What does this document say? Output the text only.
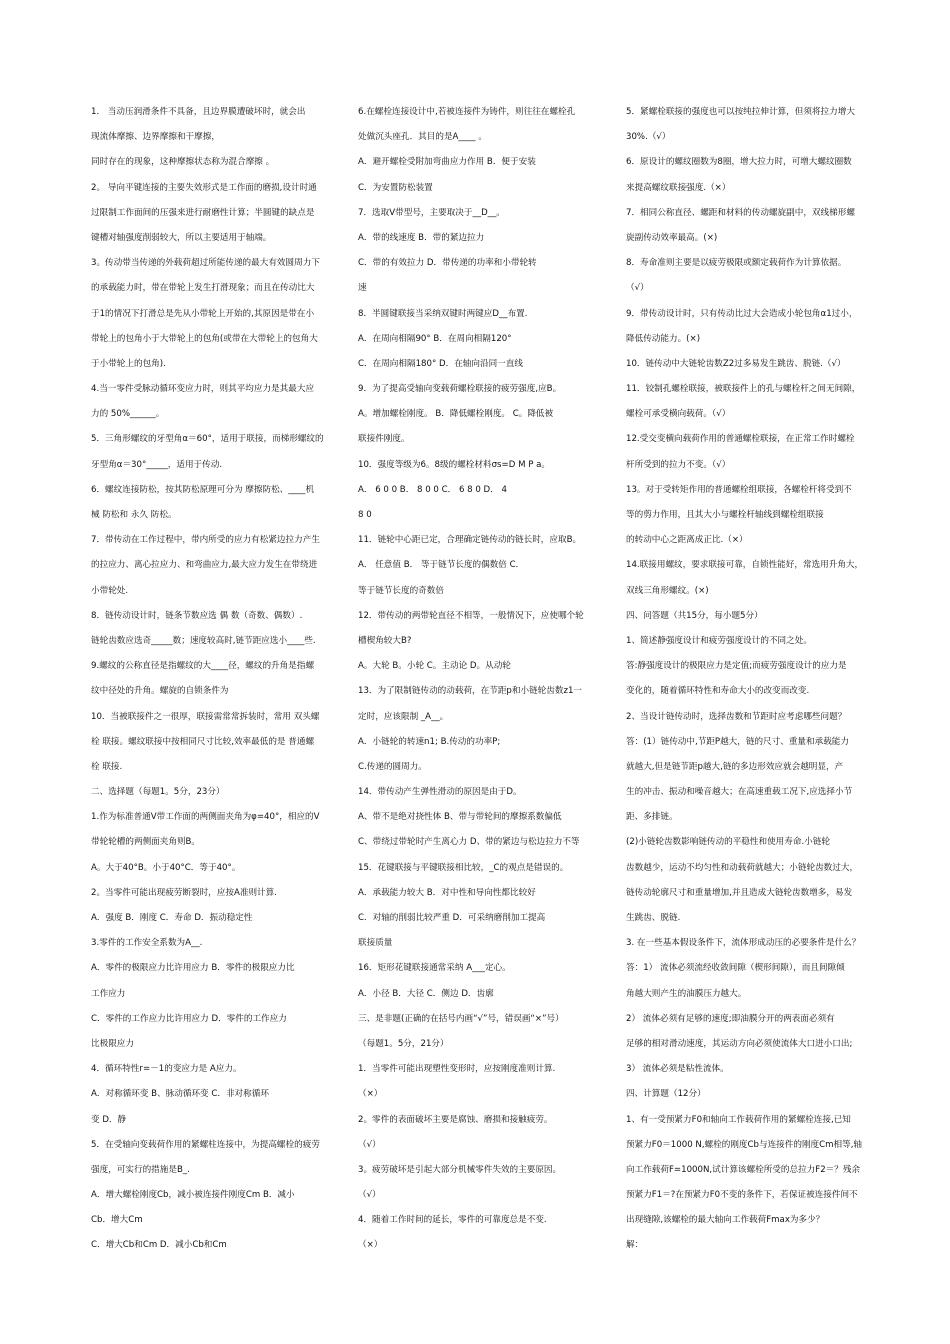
1． 当动压润滑条件不具备，且边界膜遭破坏时，就会出
现流体摩擦、边界摩擦和干摩擦，
同时存在的现象，这种摩擦状态称为混合摩擦 。
2。 导向平键连接的主要失效形式是工作面的磨损,设计时通
过限制工作面间的压强来进行耐磨性计算；半圆键的缺点是
键槽对轴强度削弱较大，所以主要适用于轴端。
3。传动带当传递的外载荷超过所能传递的最大有效圆周力下
的承载能力时，带在带轮上发生打滑现象；而且在传动比大
于1的情况下打滑总是先从小带轮上开始的,其原因是带在小
带轮上的包角小于大带轮上的包角(或带在大带轮上的包角大
于小带轮上的包角).
4.当一零件受脉动循环变应力时，则其平均应力是其最大应
力的 50%______。
5．三角形螺纹的牙型角α＝60°，适用于联接，而梯形螺纹的
牙型角α＝30°_____，适用于传动.
6．螺纹连接防松，按其防松原理可分为 摩擦防松、____机
械 防松和 永久 防松。
7．带传动在工作过程中，带内所受的应力有松紧边拉力产生
的拉应力、离心拉应力、和弯曲应力,最大应力发生在带绕进
小带轮处.
8．链传动设计时，链条节数应选 偶 数（奇数、偶数）.
链轮齿数应选奇_____数；速度较高时,链节距应选小____些.
9.螺纹的公称直径是指螺纹的大____径，螺纹的升角是指螺
纹中径处的升角。螺旋的自锁条件为
10．当被联接件之一很厚，联接需常常拆装时，常用 双头螺
栓 联接。螺纹联接中按相同尺寸比较,效率最低的是 普通螺
栓 联接.
二、选择题（每题1。5分，23分）
1.作为标准普通V带工作面的两侧面夹角为φ=40°，相应的V
带轮轮槽的两侧面夹角则B。
A。大于40°B。小于40°C．等于40°。
2。当零件可能出现疲劳断裂时，应按A准则计算.
A．强度 B．刚度 C．寿命 D．振动稳定性
3.零件的工作安全系数为A__.
A．零件的极限应力比许用应力 B．零件的极限应力比
工作应力
C．零件的工作应力比许用应力 D．零件的工作应力
比极限应力
4．循环特性r=－1的变应力是 A应力。
A．对称循环变 B、脉动循环变 C．非对称循环
变 D．静
5．在受轴向变载荷作用的紧螺柱连接中，为提高螺栓的疲劳
强度，可实行的措施是B_.
A．增大螺栓刚度Cb，减小被连接件刚度Cm B．减小
Cb．增大Cm
C．增大Cb和Cm D．减小Cb和Cm
6.在螺栓连接设计中,若被连接件为铸件，则往往在螺栓孔
处做沉头座孔．其目的是A____ 。
A．避开螺栓受附加弯曲应力作用 B．便于安装
C．为安置防松装置
7．选取V带型号，主要取决于__D__。
A．带的线速度 B．带的紧边拉力
C．带的有效拉力 D．带传递的功率和小带轮转
速
8．半圆键联接当采纳双键时两键应D__布置.
A．在周向相隔90° B．在周向相隔120°
C．在周向相隔180° D．在轴向沿同一直线
9．为了提高受轴向变载荷螺栓联接的疲劳强度,应B。
A。增加螺栓刚度。 B．降低螺栓刚度。 C。降低被
联接件刚度。
10．强度等级为6。8级的螺栓材料σs=D M P a。
A． 6 0 0 B． 8 0 0 C． 6 8 0 D． 4
8 0
11．链轮中心距已定，合理确定链传动的链长时，应取B。
A． 任意值 B． 等于链节长度的偶数倍 C．
等于链节长度的奇数倍
12．带传动的两带轮直径不相等，一般情况下，应使哪个轮
槽楔角较大B?
A。大轮 B。小轮 C。主动论 D。从动轮
13．为了限制链传动的动载荷，在节距p和小链轮齿数z1一
定时，应该限制 _A__。
A．小链轮的转速n1; B.传动的功率P;
C.传递的圆周力。
14．带传动产生弹性滑动的原因是由于D。
A、带不是绝对挠性体 B、带与带轮间的摩擦系数偏低
C、带绕过带轮时产生离心力 D、带的紧边与松边拉力不等
15．花键联接与平键联接相比较，_C的观点是错误的。
A．承载能力较大 B．对中性和导向性都比较好
C．对轴的削弱比较严重 D．可采纳磨削加工提高
联接质量
16．矩形花键联接通常采纳 A___定心。
A．小径 B．大径 C．侧边 D．齿廓
三、是非题(正确的在括号内画“√”号，错误画“×”号）
（每题1。5分，21分）
1．当零件可能出现塑性变形时，应按刚度准则计算.
（×）
2。零件的表面破坏主要是腐蚀、磨损和接触疲劳。
（√）
3。疲劳破坏是引起大部分机械零件失效的主要原因。
（√）
4．随着工作时间的延长，零件的可靠度总是不变.
（×）
5．紧螺栓联接的强度也可以按纯拉伸计算，但须将拉力增大
30%.（√）
6．原设计的螺纹圈数为8圈，增大拉力时，可增大螺纹圈数
来提高螺纹联接强度.（×）
7．相同公称直径、螺距和材料的传动螺旋副中，双线梯形螺
旋副传动效率最高。(×)
8．寿命准则主要是以疲劳极限或额定载荷作为计算依据。
（√）
9．带传动设计时，只有传动比过大会造成小轮包角α1过小，
降低传动能力。(×)
10．链传动中大链轮齿数Z2过多易发生跳齿、脱链.（√）
11．铰制孔螺栓联接，被联接件上的孔与螺栓杆之间无间隙，
螺栓可承受横向载荷。（√）
12.受交变横向载荷作用的普通螺栓联接，在正常工作时螺栓
杆所受到的拉力不变。（√）
13。对于受转矩作用的普通螺栓组联接，各螺栓杆将受到不
等的剪力作用，且其大小与螺栓杆轴线到螺栓组联接
的转动中心之距离成正比.（×）
14.联接用螺纹，要求联接可靠，自锁性能好，常选用升角大，
双线三角形螺纹。(×)
四、问答题（共15分，每小题5分）
1、简述静强度设计和疲劳强度设计的不同之处。
答:静强度设计的极限应力是定值;而疲劳强度设计的应力是
变化的，随着循环特性和寿命大小的改变而改变.
2、当设计链传动时，选择齿数和节距时应考虑哪些问题？
答：(1）链传动中,节距P越大，链的尺寸、重量和承载能力
就越大,但是链节距p越大,链的多边形效应就会越明显，产
生的冲击、振动和噪音越大；在高速重载工况下,应选择小节
距、多排链。
(2)小链轮齿数影响链传动的平稳性和使用寿命.小链轮
齿数越少，运动不均匀性和动载荷就越大；小链轮齿数过大，
链传动轮廓尺寸和重量增加,并且造成大链轮齿数增多，易发
生跳齿、脱链.
3. 在一些基本假设条件下，流体形成动压的必要条件是什么？
答：1） 流体必须流经收敛间隙（楔形间隙），而且间隙倾
角越大则产生的油膜压力越大。
2） 流体必须有足够的速度;即油膜分开的两表面必须有
足够的相对滑动速度，其运动方向必须使流体大口进小口出;
3） 流体必须是粘性流体。
四、计算题（12分）
1、有一受预紧力F0和轴向工作载荷作用的紧螺栓连接,已知
预紧力F0＝1000 N,螺栓的刚度Cb与连接件的刚度Cm相等,轴
向工作载荷F=1000N,试计算该螺栓所受的总拉力F2＝？残余
预紧力F1＝?在预紧力F0不变的条件下，若保证被连接件间不
出现缝隙,该螺栓的最大轴向工作载荷Fmax为多少？
解：
